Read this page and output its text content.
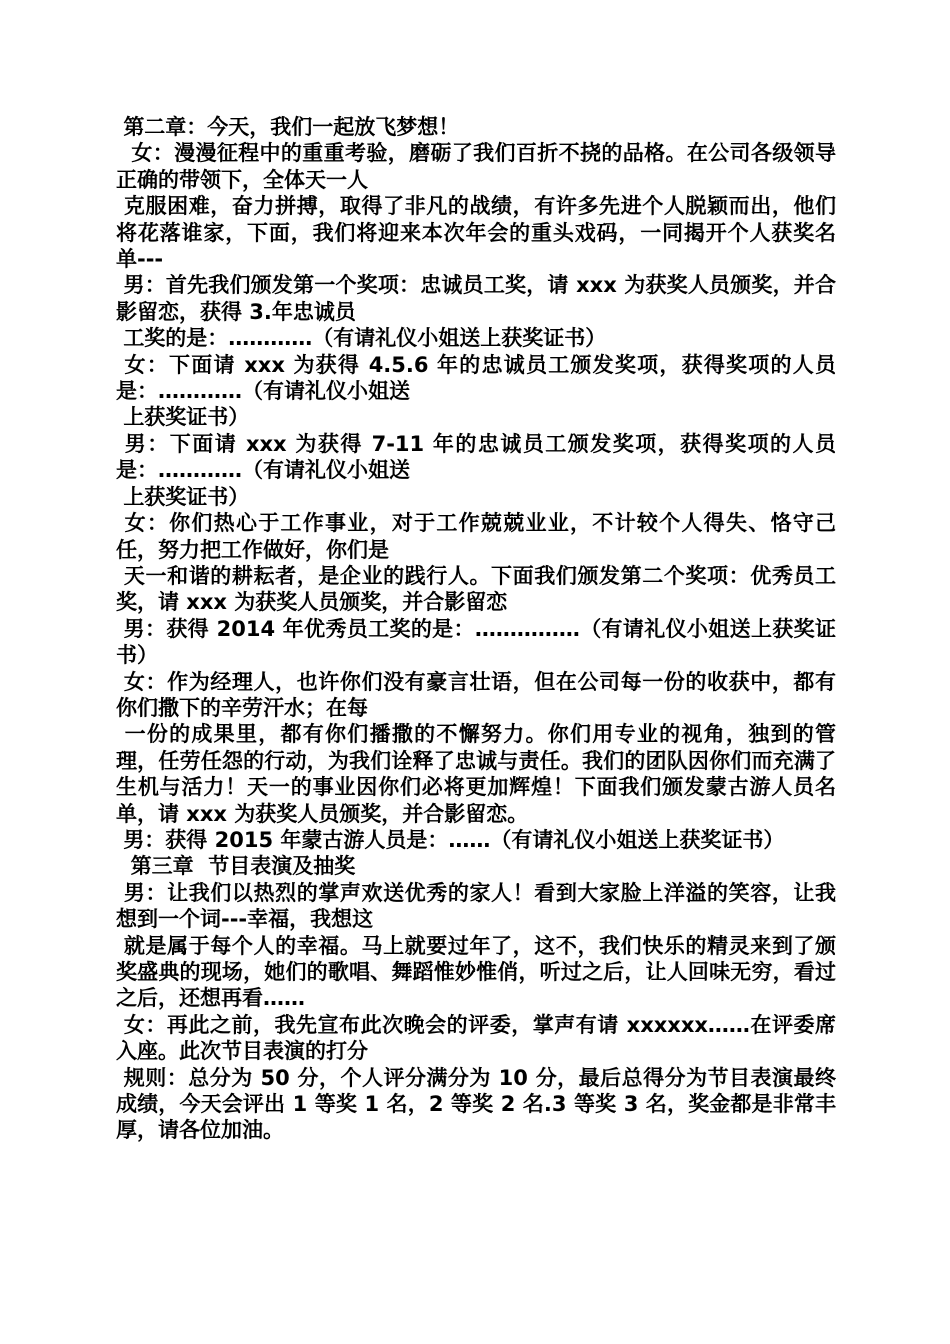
第二章：今天，我们一起放飞梦想！

女：漫漫征程中的重重考验，磨砺了我们百折不挠的品格。在公司各级领导正确的带领下，全体天一人

克服困难，奋力拼搏，取得了非凡的战绩，有许多先进个人脱颖而出，他们将花落谁家，下面，我们将迎来本次年会的重头戏码，一同揭开个人获奖名单---

男：首先我们颁发第一个奖项：忠诚员工奖，请 xxx 为获奖人员颁奖，并合影留恋，获得 3.年忠诚员

工奖的是：…………（有请礼仪小姐送上获奖证书）

女：下面请 xxx 为获得 4.5.6 年的忠诚员工颁发奖项，获得奖项的人员是：…………（有请礼仪小姐送

上获奖证书）

男：下面请 xxx 为获得 7-11 年的忠诚员工颁发奖项，获得奖项的人员是：…………（有请礼仪小姐送

上获奖证书）

女：你们热心于工作事业，对于工作兢兢业业，不计较个人得失、恪守己任，努力把工作做好，你们是

天一和谐的耕耘者，是企业的践行人。下面我们颁发第二个奖项：优秀员工奖，请 xxx 为获奖人员颁奖，并合影留恋

男：获得 2014 年优秀员工奖的是：……………（有请礼仪小姐送上获奖证书）

女：作为经理人，也许你们没有豪言壮语，但在公司每一份的收获中，都有你们撒下的辛劳汗水；在每

一份的成果里，都有你们播撒的不懈努力。你们用专业的视角，独到的管理，任劳任怨的行动，为我们诠释了忠诚与责任。我们的团队因你们而充满了生机与活力！天一的事业因你们必将更加辉煌！下面我们颁发蒙古游人员名单，请 xxx 为获奖人员颁奖，并合影留恋。

男：获得 2015 年蒙古游人员是：……（有请礼仪小姐送上获奖证书）

第三章  节目表演及抽奖

男：让我们以热烈的掌声欢送优秀的家人！看到大家脸上洋溢的笑容，让我想到一个词---幸福，我想这

就是属于每个人的幸福。马上就要过年了，这不，我们快乐的精灵来到了颁奖盛典的现场，她们的歌唱、舞蹈惟妙惟俏，听过之后，让人回味无穷，看过之后，还想再看……

女：再此之前，我先宣布此次晚会的评委，掌声有请 xxxxxx……在评委席入座。此次节目表演的打分

规则：总分为 50 分，个人评分满分为 10 分，最后总得分为节目表演最终成绩，今天会评出 1 等奖 1 名，2 等奖 2 名.3 等奖 3 名，奖金都是非常丰厚，请各位加油。
